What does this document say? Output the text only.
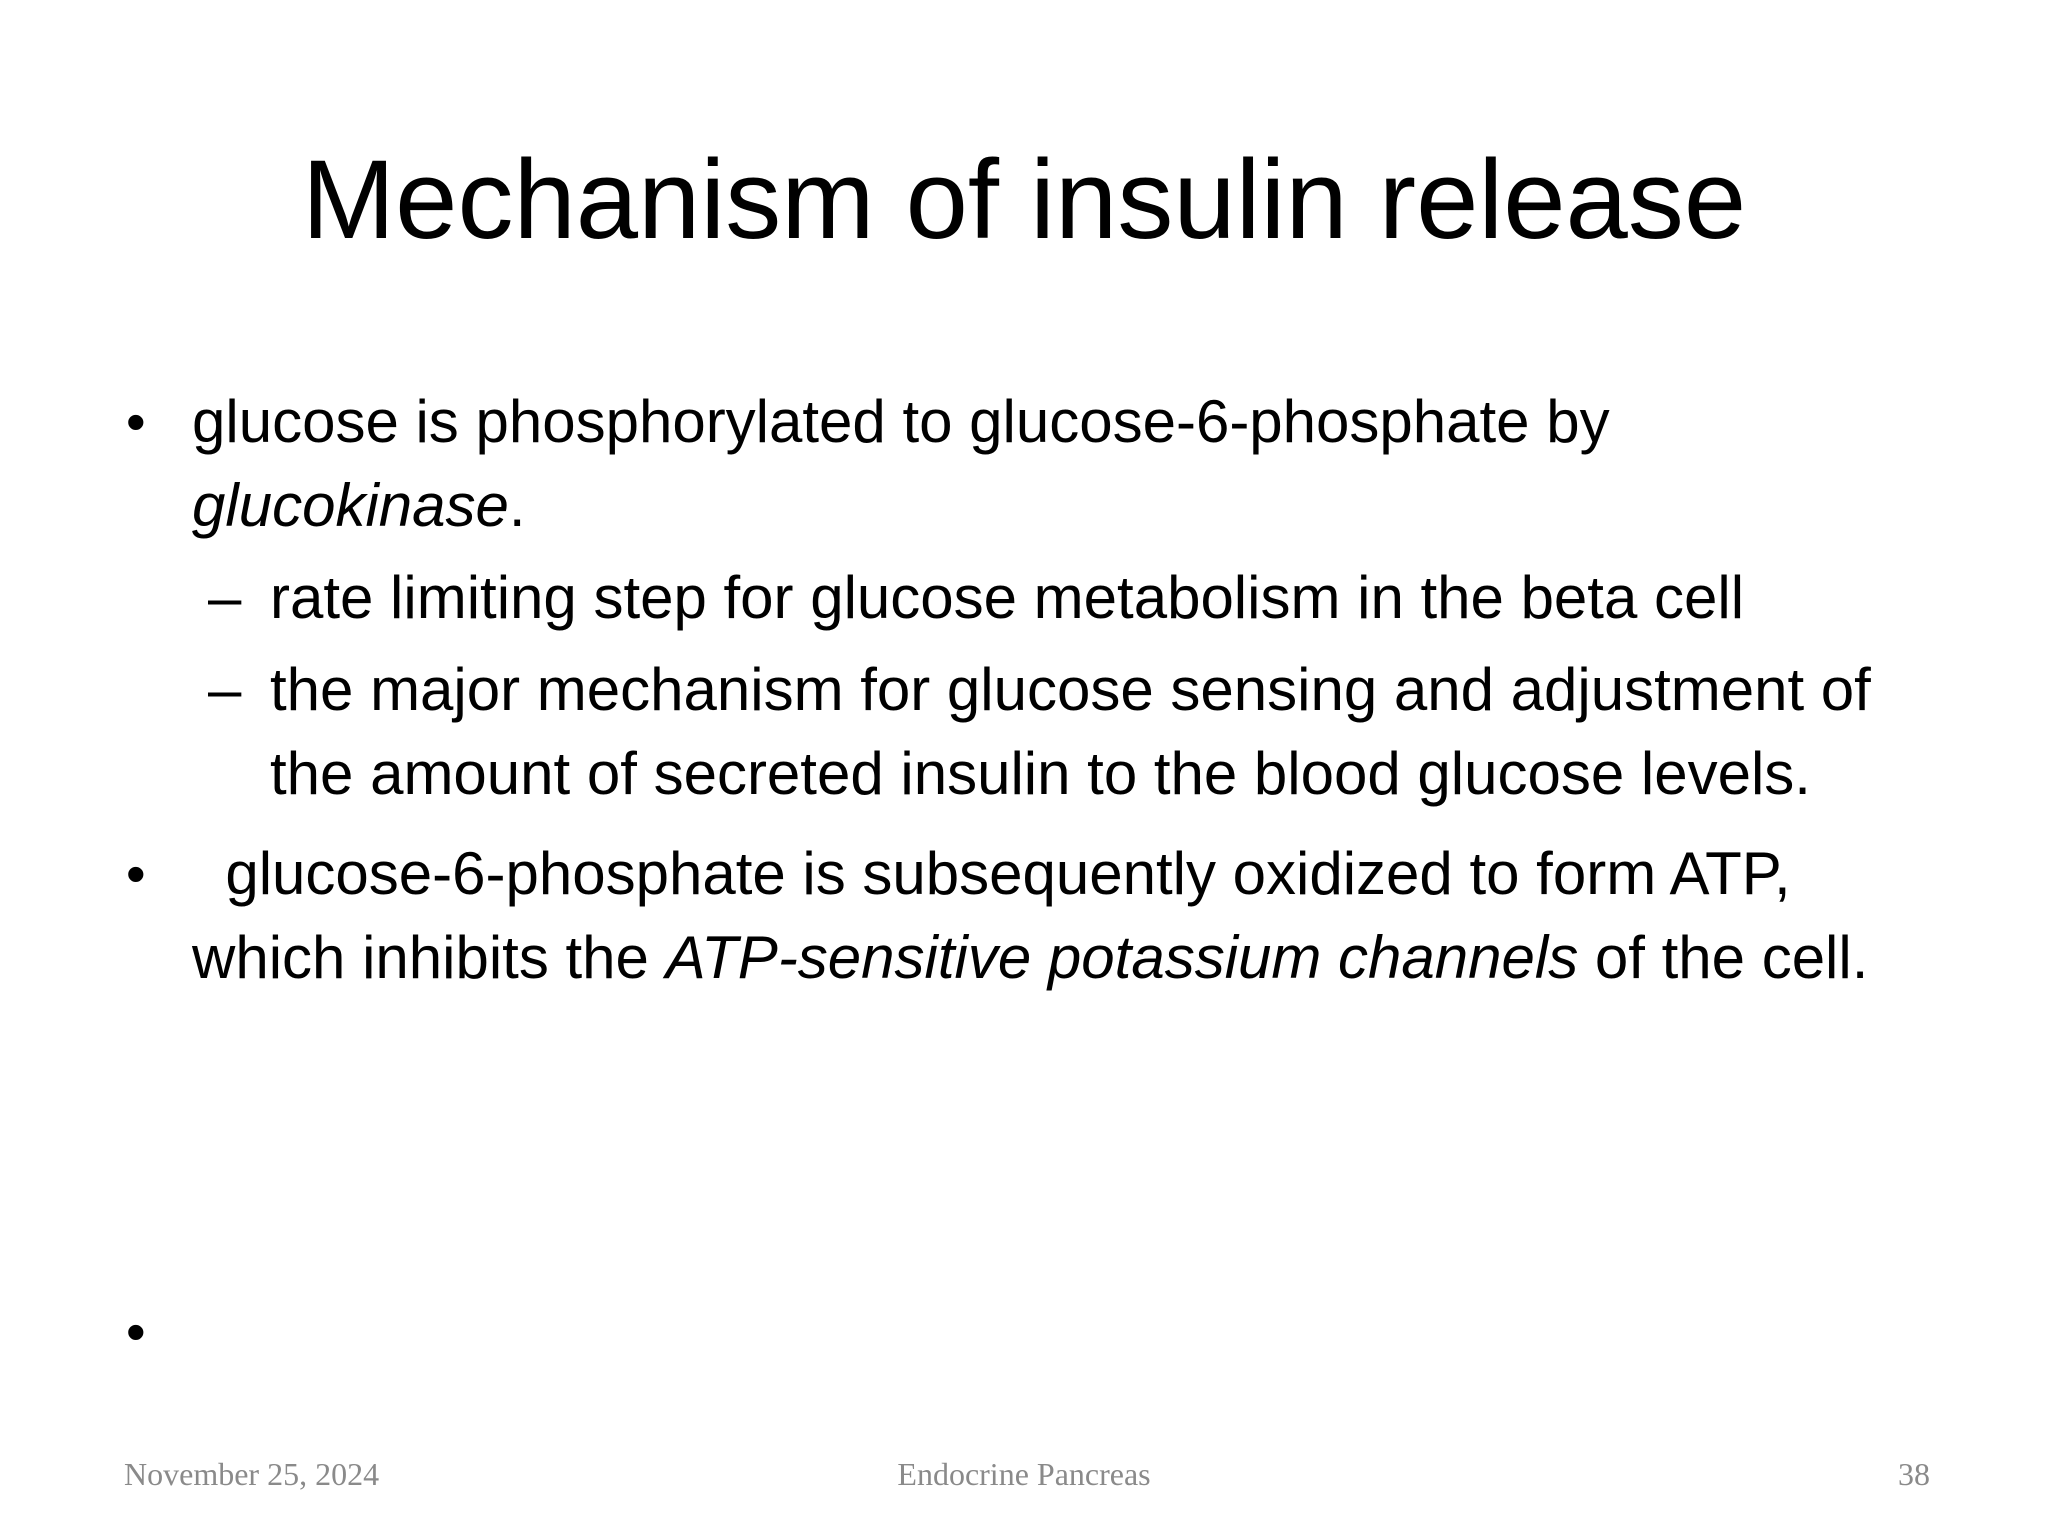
Mechanism of insulin release
• glucose is phosphorylated to glucose-6-phosphate by glucokinase.
– rate limiting step for glucose metabolism in the beta cell
– the major mechanism for glucose sensing and adjustment of the amount of secreted insulin to the blood glucose levels.
• glucose-6-phosphate is subsequently oxidized to form ATP, which inhibits the ATP-sensitive potassium channels of the cell.
•
November 25, 2024	Endocrine Pancreas	38
